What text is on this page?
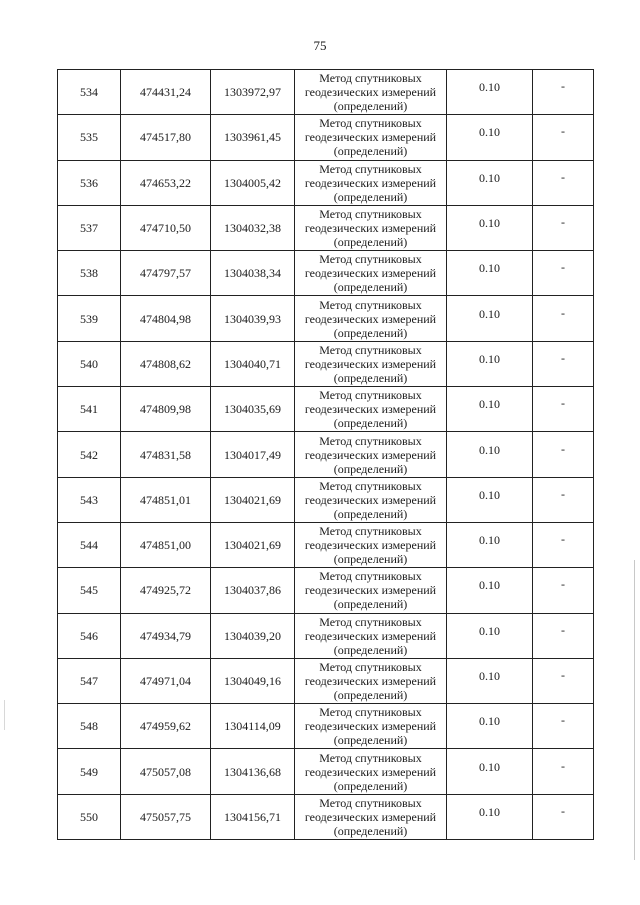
75
534	474431,24	1303972,97	Метод спутниковых
геодезических измерений
(определений)	0.10	-
535	474517,80	1303961,45	Метод спутниковых
геодезических измерений
(определений)	0.10	-
536	474653,22	1304005,42	Метод спутниковых
геодезических измерений
(определений)	0.10	-
537	474710,50	1304032,38	Метод спутниковых
геодезических измерений
(определений)	0.10	-
538	474797,57	1304038,34	Метод спутниковых
геодезических измерений
(определений)	0.10	-
539	474804,98	1304039,93	Метод спутниковых
геодезических измерений
(определений)	0.10	-
540	474808,62	1304040,71	Метод спутниковых
геодезических измерений
(определений)	0.10	-
541	474809,98	1304035,69	Метод спутниковых
геодезических измерений
(определений)	0.10	-
542	474831,58	1304017,49	Метод спутниковых
геодезических измерений
(определений)	0.10	-
543	474851,01	1304021,69	Метод спутниковых
геодезических измерений
(определений)	0.10	-
544	474851,00	1304021,69	Метод спутниковых
геодезических измерений
(определений)	0.10	-
545	474925,72	1304037,86	Метод спутниковых
геодезических измерений
(определений)	0.10	-
546	474934,79	1304039,20	Метод спутниковых
геодезических измерений
(определений)	0.10	-
547	474971,04	1304049,16	Метод спутниковых
геодезических измерений
(определений)	0.10	-
548	474959,62	1304114,09	Метод спутниковых
геодезических измерений
(определений)	0.10	-
549	475057,08	1304136,68	Метод спутниковых
геодезических измерений
(определений)	0.10	-
550	475057,75	1304156,71	Метод спутниковых
геодезических измерений
(определений)	0.10	-
